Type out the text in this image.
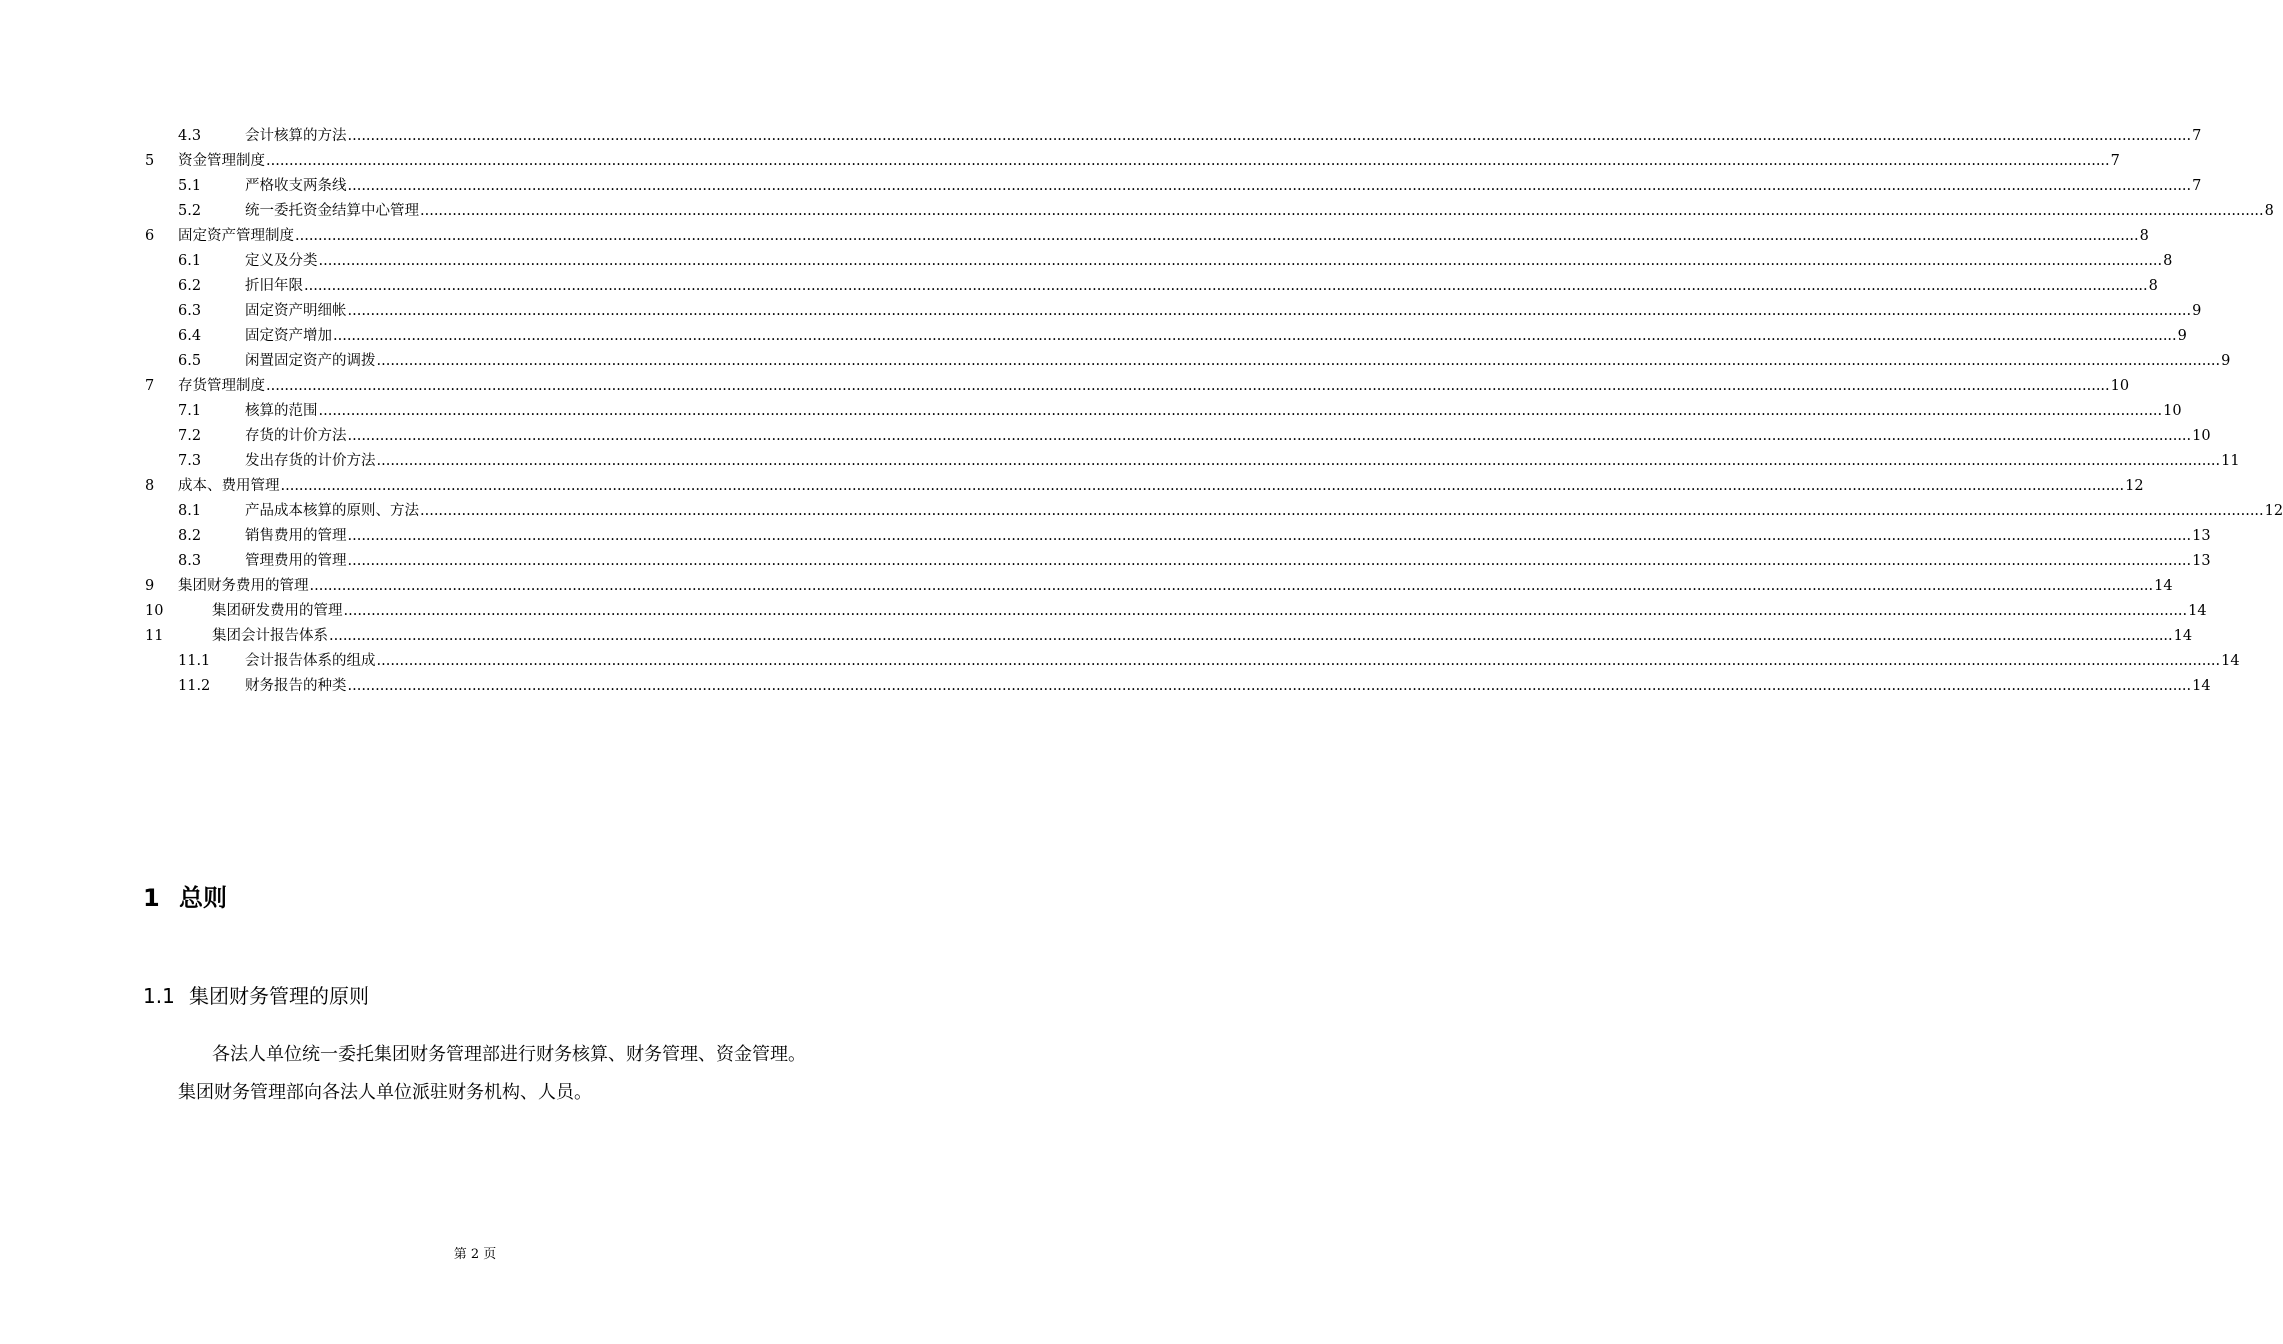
4.3	会计核算的方法 ................................................................................................................................................................................................................................................................................................................................................................................................................ 7
5 资金管理制度 ................................................................................................................................................................................................................................................................................................................................................................................................................ 7
5.1	严格收支两条线 ................................................................................................................................................................................................................................................................................................................................................................................................................ 7
5.2	统一委托资金结算中心管理 ................................................................................................................................................................................................................................................................................................................................................................................................................ 8
6 固定资产管理制度 ................................................................................................................................................................................................................................................................................................................................................................................................................ 8
6.1	定义及分类 ................................................................................................................................................................................................................................................................................................................................................................................................................ 8
6.2	折旧年限 ................................................................................................................................................................................................................................................................................................................................................................................................................ 8
6.3	固定资产明细帐 ................................................................................................................................................................................................................................................................................................................................................................................................................ 9
6.4	固定资产增加 ................................................................................................................................................................................................................................................................................................................................................................................................................ 9
6.5	闲置固定资产的调拨 ................................................................................................................................................................................................................................................................................................................................................................................................................ 9
7 存货管理制度 ................................................................................................................................................................................................................................................................................................................................................................................................................ 10
7.1	核算的范围 ................................................................................................................................................................................................................................................................................................................................................................................................................ 10
7.2	存货的计价方法 ................................................................................................................................................................................................................................................................................................................................................................................................................ 10
7.3	发出存货的计价方法 ................................................................................................................................................................................................................................................................................................................................................................................................................ 11
8 成本、费用管理 ................................................................................................................................................................................................................................................................................................................................................................................................................ 12
8.1	产品成本核算的原则、方法 ................................................................................................................................................................................................................................................................................................................................................................................................................ 12
8.2	销售费用的管理 ................................................................................................................................................................................................................................................................................................................................................................................................................ 13
8.3	管理费用的管理 ................................................................................................................................................................................................................................................................................................................................................................................................................ 13
9 集团财务费用的管理 ................................................................................................................................................................................................................................................................................................................................................................................................................ 14
10	集团研发费用的管理 ................................................................................................................................................................................................................................................................................................................................................................................................................ 14
11	集团会计报告体系 ................................................................................................................................................................................................................................................................................................................................................................................................................ 14
11.1 会计报告体系的组成 ................................................................................................................................................................................................................................................................................................................................................................................................................ 14
11.2 财务报告的种类 ................................................................................................................................................................................................................................................................................................................................................................................................................ 14
1 总则
1.1 集团财务管理的原则
各法人单位统一委托集团财务管理部进行财务核算、财务管理、资金管理。
集团财务管理部向各法人单位派驻财务机构、人员。
第 2 页
